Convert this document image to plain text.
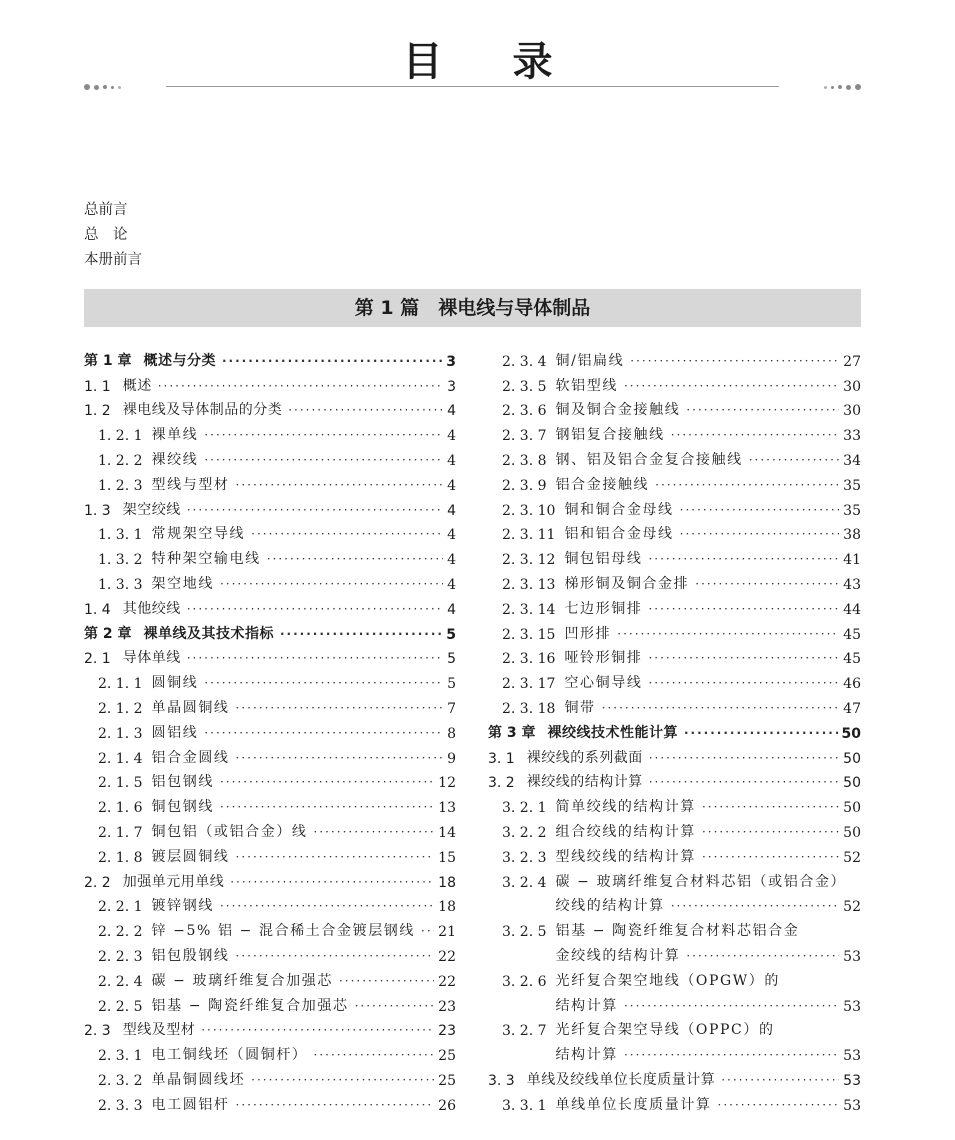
目 录
总前言
总　论
本册前言
第 1 篇　裸电线与导体制品
第 1 章 概述与分类 ·····	3
1. 1 概述 ·····	3
1. 2 裸电线及导体制品的分类 ·····	4
1. 2. 1 裸单线 ·····	4
1. 2. 2 裸绞线 ·····	4
1. 2. 3 型线与型材 ·····	4
1. 3 架空绞线 ·····	4
1. 3. 1 常规架空导线 ·····	4
1. 3. 2 特种架空输电线 ·····	4
1. 3. 3 架空地线 ·····	4
1. 4 其他绞线 ·····	4
第 2 章 裸单线及其技术指标 ·····	5
2. 1 导体单线 ·····	5
2. 1. 1 圆铜线 ·····	5
2. 1. 2 单晶圆铜线 ·····	7
2. 1. 3 圆铝线 ·····	8
2. 1. 4 铝合金圆线 ·····	9
2. 1. 5 铝包钢线 ·····	12
2. 1. 6 铜包钢线 ·····	13
2. 1. 7 铜包铝（或铝合金）线 ·····	14
2. 1. 8 镀层圆铜线 ·····	15
2. 2 加强单元用单线 ·····	18
2. 2. 1 镀锌钢线 ·····	18
2. 2. 2 锌 −5% 铝 − 混合稀土合金镀层钢线 ····· 21
2. 2. 3 铝包殷钢线 ·····	22
2. 2. 4 碳 − 玻璃纤维复合加强芯 ·····	22
2. 2. 5 铝基 − 陶瓷纤维复合加强芯 ·····	23
2. 3 型线及型材 ·····	23
2. 3. 1 电工铜线坯（圆铜杆） ·····	25
2. 3. 2 单晶铜圆线坯 ·····	25
2. 3. 3 电工圆铝杆 ·····	26
2. 3. 4 铜/铝扁线 ·····	27
2. 3. 5 软铝型线 ·····	30
2. 3. 6 铜及铜合金接触线 ·····	30
2. 3. 7 钢铝复合接触线 ·····	33
2. 3. 8 钢、铝及铝合金复合接触线 ·····	34
2. 3. 9 铝合金接触线 ·····	35
2. 3. 10 铜和铜合金母线 ·····	35
2. 3. 11 铝和铝合金母线 ·····	38
2. 3. 12 铜包铝母线 ·····	41
2. 3. 13 梯形铜及铜合金排 ·····	43
2. 3. 14 七边形铜排 ·····	44
2. 3. 15 凹形排 ·····	45
2. 3. 16 哑铃形铜排 ·····	45
2. 3. 17 空心铜导线 ·····	46
2. 3. 18 铜带 ·····	47
第 3 章 裸绞线技术性能计算 ·····	50
3. 1 裸绞线的系列截面 ·····	50
3. 2 裸绞线的结构计算 ·····	50
3. 2. 1 简单绞线的结构计算 ·····	50
3. 2. 2 组合绞线的结构计算 ·····	50
3. 2. 3 型线绞线的结构计算 ·····	52
3. 2. 4 碳 − 玻璃纤维复合材料芯铝（或铝合金）
绞线的结构计算 ·····	52
3. 2. 5 铝基 − 陶瓷纤维复合材料芯铝合金
金绞线的结构计算 ·····	53
3. 2. 6 光纤复合架空地线（OPGW）的
结构计算 ·····	53
3. 2. 7 光纤复合架空导线（OPPC）的
结构计算 ·····	53
3. 3 单线及绞线单位长度质量计算 ·····	53
3. 3. 1 单线单位长度质量计算 ·····	53
